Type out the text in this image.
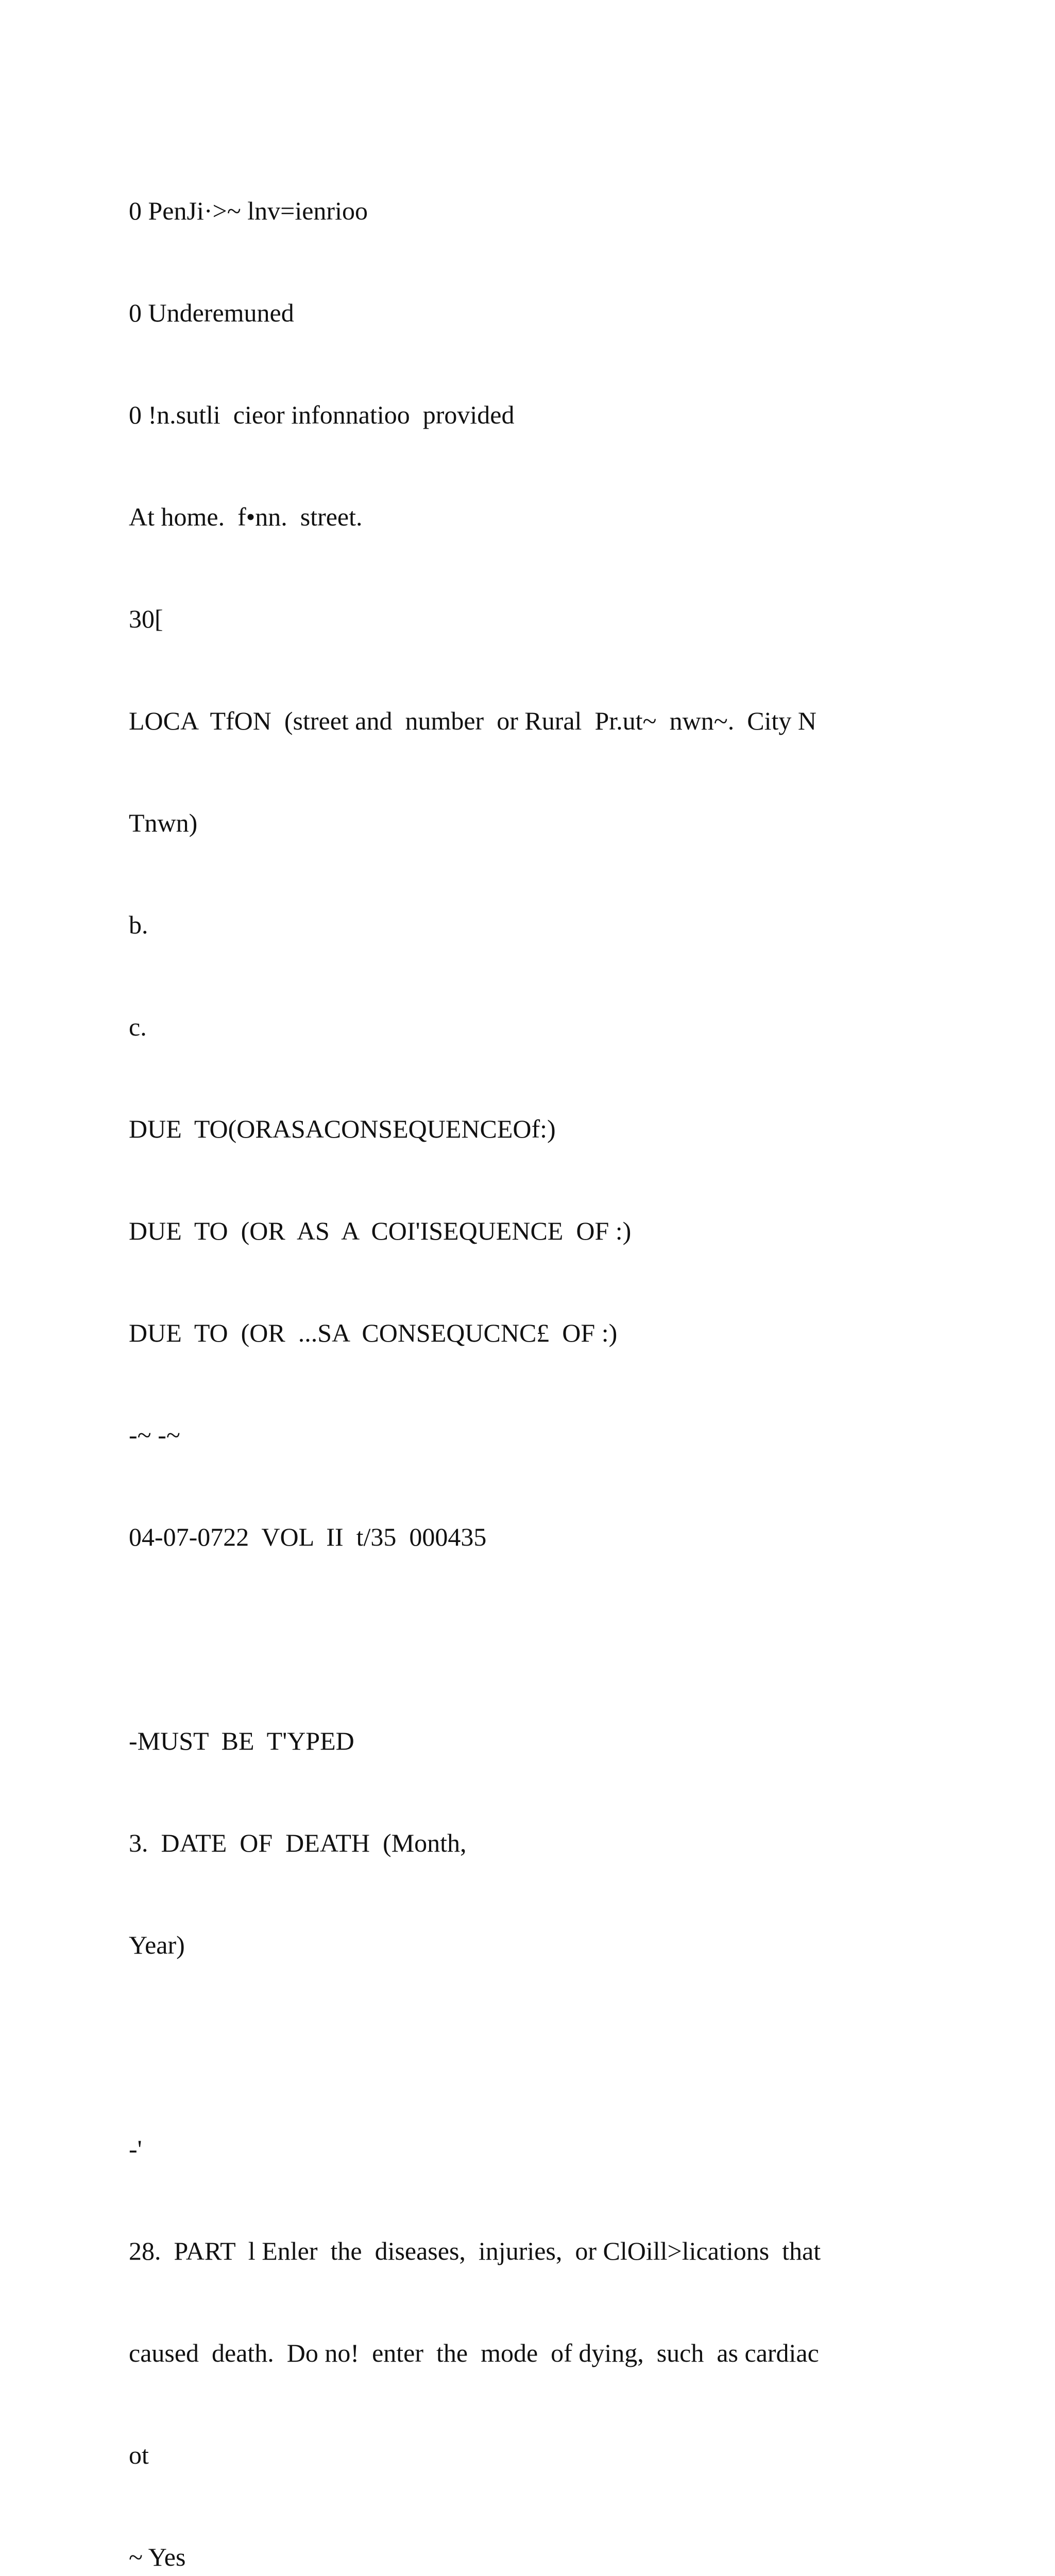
0 PenJi·>~ lnv=ienrioo

0 Underemuned

0 !n.sutli  cieor infonnatioo  provided

At home.  f•nn.  street.

30[

LOCA  TfON  (street and  number  or Rural  Pr.ut~  nwn~.  City N

Tnwn)

b.

c.

DUE  TO(ORASACONSEQUENCEOf:)

DUE  TO  (OR  AS  A  COI'ISEQUENCE  OF :)

DUE  TO  (OR  ...SA  CONSEQUCNC£  OF :)

-~ -~

04-07-0722  VOL  II  t/35  000435

-MUST  BE  T'YPED

3.  DATE  OF  DEATH  (Month,

Year)

-'

28.  PART  l Enler  the  diseases,  injuries,  or ClOill>lications  that

caused  death.  Do no!  enter  the  mode  of dying,  such  as cardiac

ot

~ Yes
